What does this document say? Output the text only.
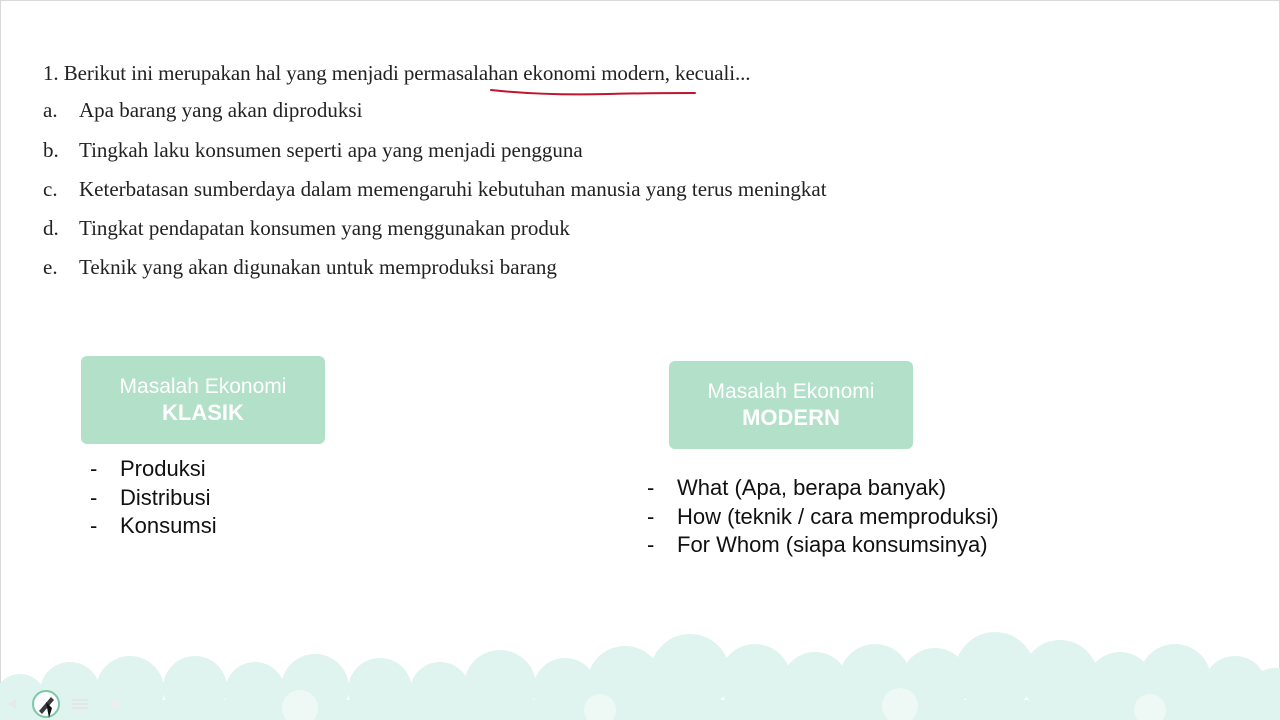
1. Berikut ini merupakan hal yang menjadi permasalahan ekonomi modern, kecuali...
a. Apa barang yang akan diproduksi
b. Tingkah laku konsumen seperti apa yang menjadi pengguna
c. Keterbatasan sumberdaya dalam memengaruhi kebutuhan manusia yang terus meningkat
d. Tingkat pendapatan konsumen yang menggunakan produk
e. Teknik yang akan digunakan untuk memproduksi barang
Masalah Ekonomi
KLASIK
- Produksi
- Distribusi
- Konsumsi
Masalah Ekonomi
MODERN
- What (Apa, berapa banyak)
- How (teknik / cara memproduksi)
- For Whom (siapa konsumsinya)
